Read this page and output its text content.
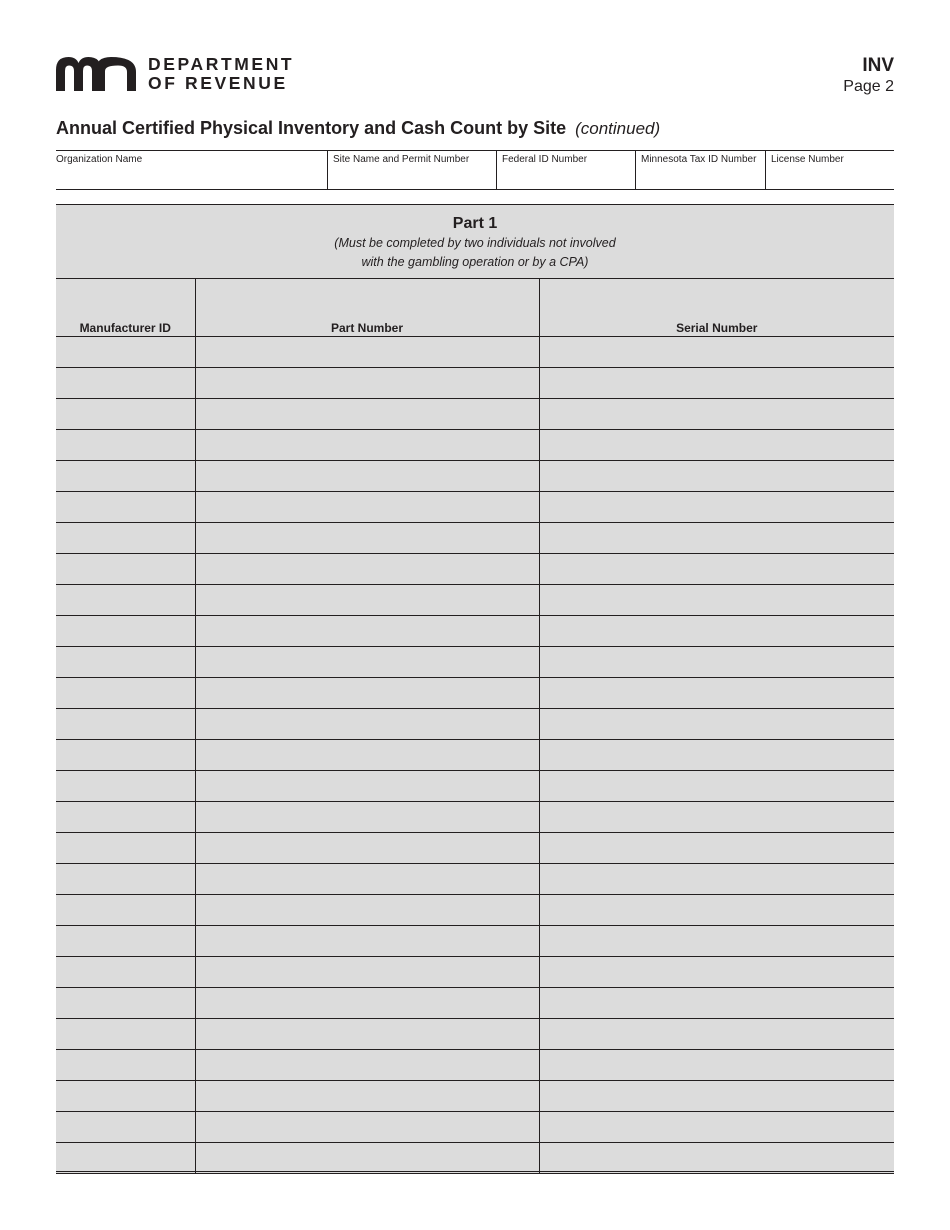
DEPARTMENT
OF REVENUE
INV
Page 2
Annual Certified Physical Inventory and Cash Count by Site (continued)
Organization Name	Site Name and Permit Number	Federal ID Number	Minnesota Tax ID Number	License Number
Part 1
(Must be completed by two individuals not involved
with the gambling operation or by a CPA)
Manufacturer ID	Part Number	Serial Number
